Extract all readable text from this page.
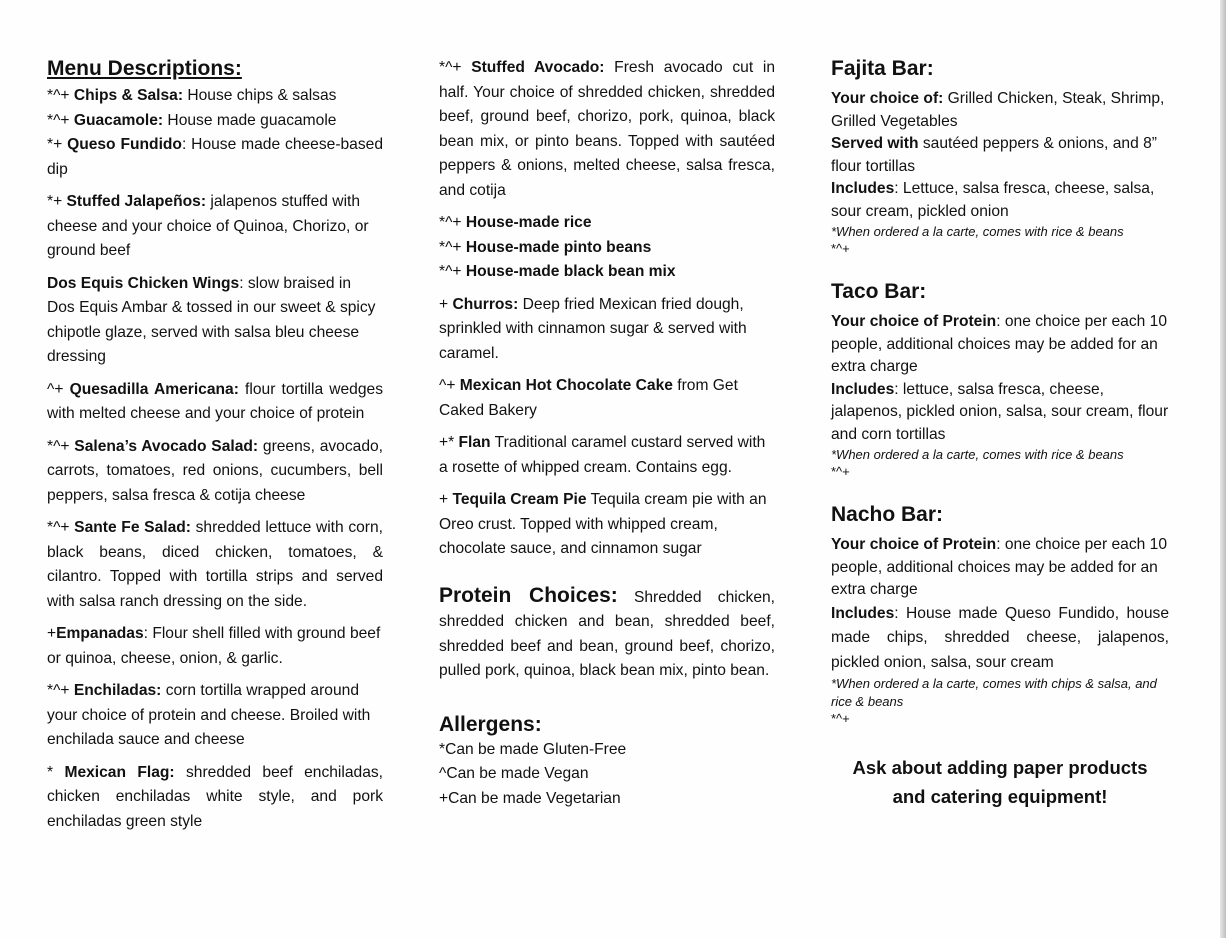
Menu Descriptions:
*^+ Chips & Salsa: House chips & salsas
*^+ Guacamole: House made guacamole
*+ Queso Fundido: House made cheese-based dip
*+ Stuffed Jalapeños: jalapenos stuffed with cheese and your choice of Quinoa, Chorizo, or ground beef
Dos Equis Chicken Wings: slow braised in Dos Equis Ambar & tossed in our sweet & spicy chipotle glaze, served with salsa bleu cheese dressing
^+ Quesadilla Americana: flour tortilla wedges with melted cheese and your choice of protein
*^+ Salena’s Avocado Salad: greens, avocado, carrots, tomatoes, red onions, cucumbers, bell peppers, salsa fresca & cotija cheese
*^+ Sante Fe Salad: shredded lettuce with corn, black beans, diced chicken, tomatoes, & cilantro. Topped with tortilla strips and served with salsa ranch dressing on the side.
+Empanadas: Flour shell filled with ground beef or quinoa, cheese, onion, & garlic.
*^+ Enchiladas: corn tortilla wrapped around your choice of protein and cheese. Broiled with enchilada sauce and cheese
* Mexican Flag: shredded beef enchiladas, chicken enchiladas white style, and pork enchiladas green style
*^+ Stuffed Avocado: Fresh avocado cut in half. Your choice of shredded chicken, shredded beef, ground beef, chorizo, pork, quinoa, black bean mix, or pinto beans. Topped with sautéed peppers & onions, melted cheese, salsa fresca, and cotija
*^+ House-made rice
*^+ House-made pinto beans
*^+ House-made black bean mix
+ Churros: Deep fried Mexican fried dough, sprinkled with cinnamon sugar & served with caramel.
^+ Mexican Hot Chocolate Cake from Get Caked Bakery
+* Flan Traditional caramel custard served with a rosette of whipped cream. Contains egg.
+ Tequila Cream Pie Tequila cream pie with an Oreo crust. Topped with whipped cream, chocolate sauce, and cinnamon sugar
Protein Choices: Shredded chicken, shredded chicken and bean, shredded beef, shredded beef and bean, ground beef, chorizo, pulled pork, quinoa, black bean mix, pinto bean.
Allergens:
*Can be made Gluten-Free
^Can be made Vegan
+Can be made Vegetarian
Fajita Bar:
Your choice of: Grilled Chicken, Steak, Shrimp, Grilled Vegetables
Served with sautéed peppers & onions, and 8” flour tortillas
Includes: Lettuce, salsa fresca, cheese, salsa, sour cream, pickled onion
*When ordered a la carte, comes with rice & beans
*^+
Taco Bar:
Your choice of Protein: one choice per each 10 people, additional choices may be added for an extra charge
Includes: lettuce, salsa fresca, cheese, jalapenos, pickled onion, salsa, sour cream, flour and corn tortillas
*When ordered a la carte, comes with rice & beans
*^+
Nacho Bar:
Your choice of Protein: one choice per each 10 people, additional choices may be added for an extra charge
Includes: House made Queso Fundido, house made chips, shredded cheese, jalapenos, pickled onion, salsa, sour cream
*When ordered a la carte, comes with chips & salsa, and rice & beans
*^+
Ask about adding paper products
and catering equipment!
